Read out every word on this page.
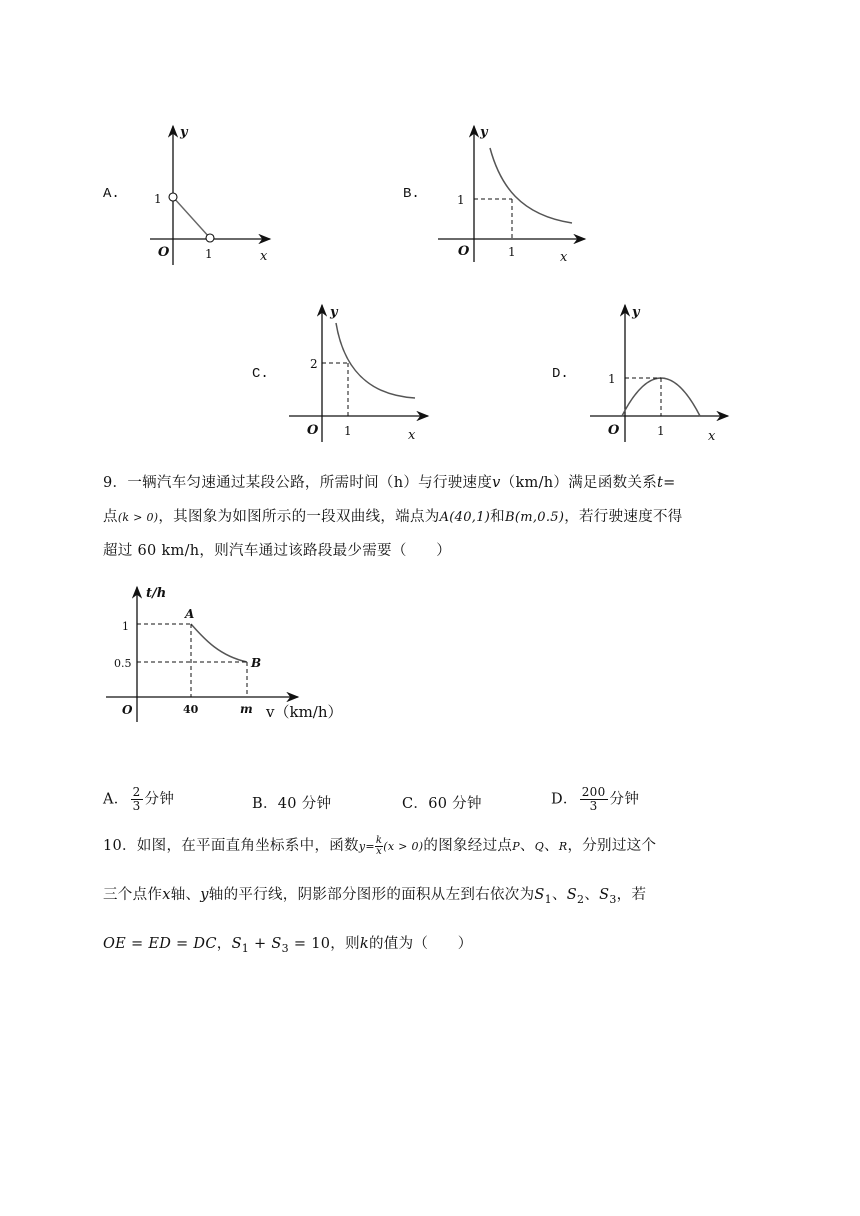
A.
y
1
O	1	x
y
1
O	1	x
y
2
O 1	x
y
1
O	1	x
t/h
1
0.5
O	40	m v（km/h）
A
B
B.
C.	D.
9．一辆汽车匀速通过某段公路，所需时间（h）与行驶速度v（km/h）满足函数关系t=
点(k > 0)，其图象为如图所示的一段双曲线，端点为A(40,1)和B(m,0.5)，若行驶速度不得
超过 60 km/h，则汽车通过该路段最少需要（　　）
A． $\frac{2}{3}$ 分钟	B．40 分钟	C．60 分钟	D． $\frac{200}{3}$ 分钟
10．如图，在平面直角坐标系中，函数$y= \frac{k}{x} (x > 0)$的图象经过点P、Q、R，分别过这个
三个点作x轴、y轴的平行线，阴影部分图形的面积从左到右依次为$S_1$、$S_2$、$S_3$，若
OE = ED = DC，$S_1 + S_3 = 10$，则k的值为（　　）
